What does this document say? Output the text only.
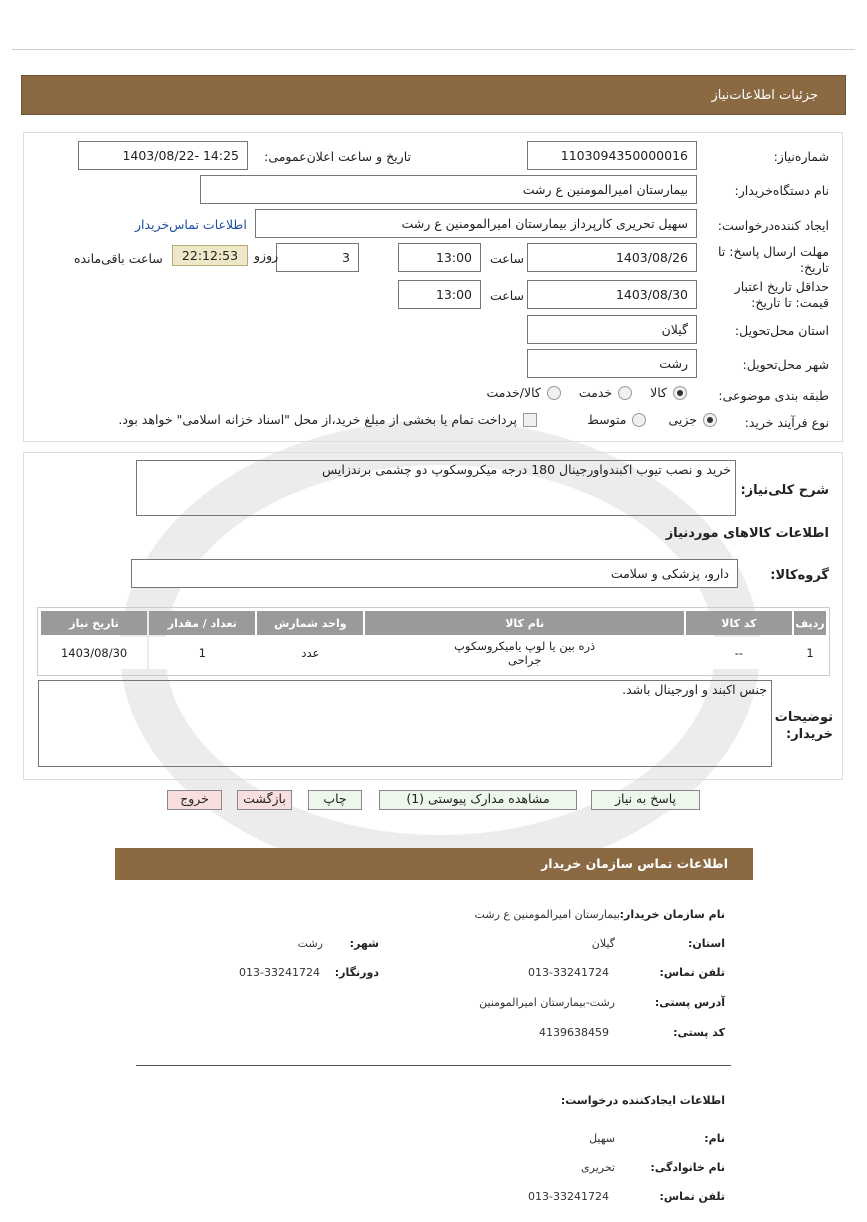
جزئیات اطلاعات‌نیاز
شماره‌نیاز:
1103094350000016
تاریخ و ساعت اعلان‌عمومی:
1403/08/22- 14:25
نام دستگاه‌خریدار:
بیمارستان امیرالمومنین ع رشت
ایجاد کننده‌درخواست:
سهیل تحریری کارپرداز بیمارستان امیرالمومنین ع رشت
اطلاعات تماس‌خریدار
مهلت ارسال پاسخ: تا تاریخ:
1403/08/26
ساعت
13:00
3
روزو
22:12:53
ساعت باقی‌مانده
حداقل تاریخ اعتبار قیمت: تا تاریخ:
1403/08/30
ساعت
13:00
استان محل‌تحویل:
گیلان
شهر محل‌تحویل:
رشت
طبقه بندی موضوعی:
کالا
خدمت
کالا/خدمت
نوع فرآیند خرید:
جزیی
متوسط
پرداخت تمام یا بخشی از مبلغ خرید،از محل "اسناد خزانه اسلامی" خواهد بود.
شرح کلی‌نیاز:
خرید و نصب تیوب اکبندواورجینال 180 درجه میکروسکوپ دو چشمی برندزایس
اطلاعات کالاهای موردنیاز
گروه‌کالا:
دارو، پزشکی و سلامت
ردیف	کد کالا	نام کالا	واحد شمارش	تعداد / مقدار	تاریخ نیاز
1	--	ذره بین یا لوپ یامیکروسکوپ
جراحی	عدد	1	1403/08/30
جنس اکبند و اورجینال باشد.
توضیحات
خریدار:
پاسخ به نیاز
مشاهده مدارک پیوستی (1)
چاپ
بازگشت
خروج
اطلاعات تماس سازمان خریدار
نام سازمان خریدار:
بیمارستان امیرالمومنین ع رشت
استان:
گیلان
شهر:
رشت
تلفن تماس:
013-33241724
دورنگار:
013-33241724
آدرس پستی:
رشت-بیمارستان امیرالمومنین
کد پستی:
4139638459
اطلاعات ایجادکننده درخواست:
نام:
سهیل
نام خانوادگی:
تحریری
تلفن تماس:
013-33241724
